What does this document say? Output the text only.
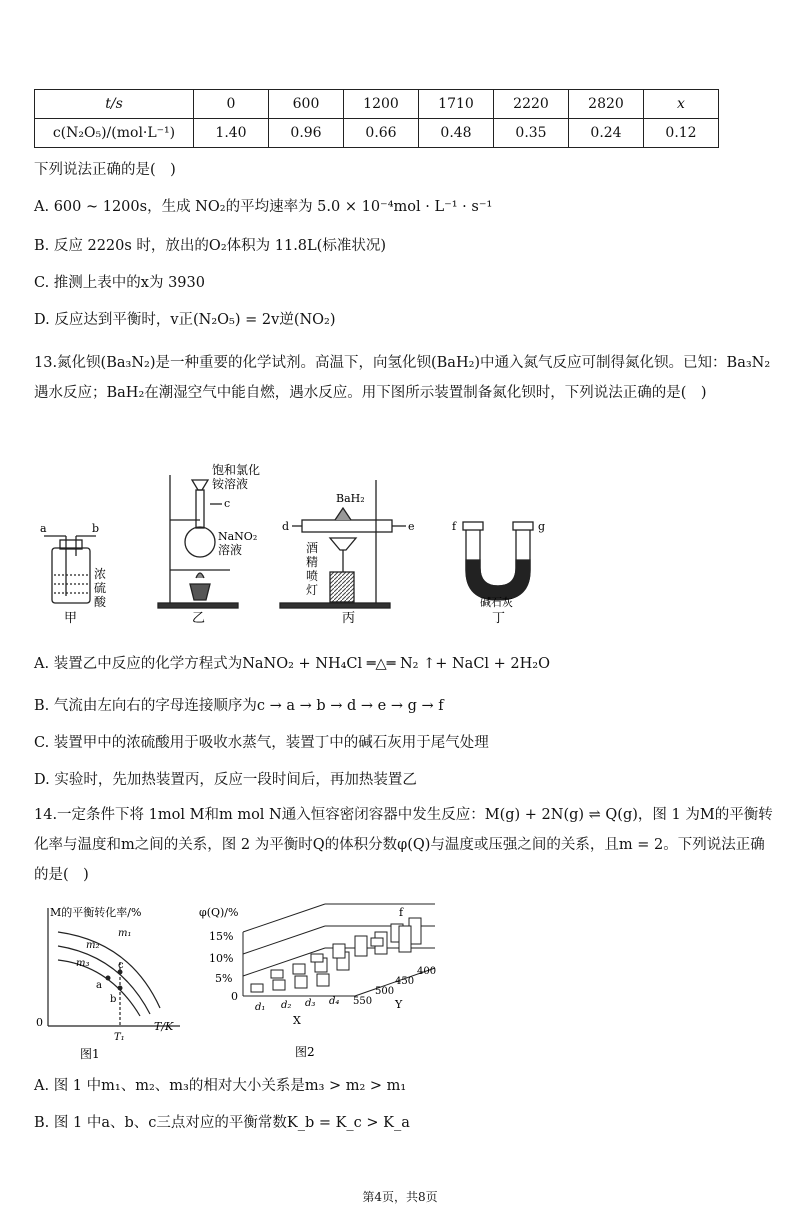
t/s	0	600	1200	1710	2220	2820	x
c(N₂O₅)/(mol·L⁻¹)	1.40	0.96	0.66	0.48	0.35	0.24	0.12
下列说法正确的是( )
A. 600 ~ 1200s，生成 NO₂的平均速率为 5.0 × 10⁻⁴mol · L⁻¹ · s⁻¹
B. 反应 2220s 时，放出的O₂体积为 11.8L(标准状况)
C. 推测上表中的x为 3930
D. 反应达到平衡时，v正(N₂O₅) = 2v逆(NO₂)
13.氮化钡(Ba₃N₂)是一种重要的化学试剂。高温下，向氢化钡(BaH₂)中通入氮气反应可制得氮化钡。已知：Ba₃N₂遇水反应；BaH₂在潮湿空气中能自燃，遇水反应。用下图所示装置制备氮化钡时，下列说法正确的是( )
a	b
浓
硫
酸
甲
饱和氯化
铵溶液
c
NaNO₂
溶液
乙
BaH₂
d	e
酒
精
喷
灯
丙
f	g
碱石灰
丁
A. 装置乙中反应的化学方程式为NaNO₂ + NH₄Cl ═△═ N₂ ↑+ NaCl + 2H₂O
B. 气流由左向右的字母连接顺序为c → a → b → d → e → g → f
C. 装置甲中的浓硫酸用于吸收水蒸气，装置丁中的碱石灰用于尾气处理
D. 实验时，先加热装置丙，反应一段时间后，再加热装置乙
14.一定条件下将 1mol M和m mol N通入恒容密闭容器中发生反应：M(g) + 2N(g) ⇌ Q(g)，图 1 为M的平衡转化率与温度和m之间的关系，图 2 为平衡时Q的体积分数φ(Q)与温度或压强之间的关系，且m = 2。下列说法正确的是( )
M的平衡转化率/%
m₁
m₂
m₃	c
a
b
0
T₁
T/K
图1
φ(Q)/%
15%
10%
5%
0
d₁ d₂ d₃ d₄ 550
500
450
400
X
Y
f
图2
A. 图 1 中m₁、m₂、m₃的相对大小关系是m₃ > m₂ > m₁
B. 图 1 中a、b、c三点对应的平衡常数K_b = K_c > K_a
第4页，共8页
